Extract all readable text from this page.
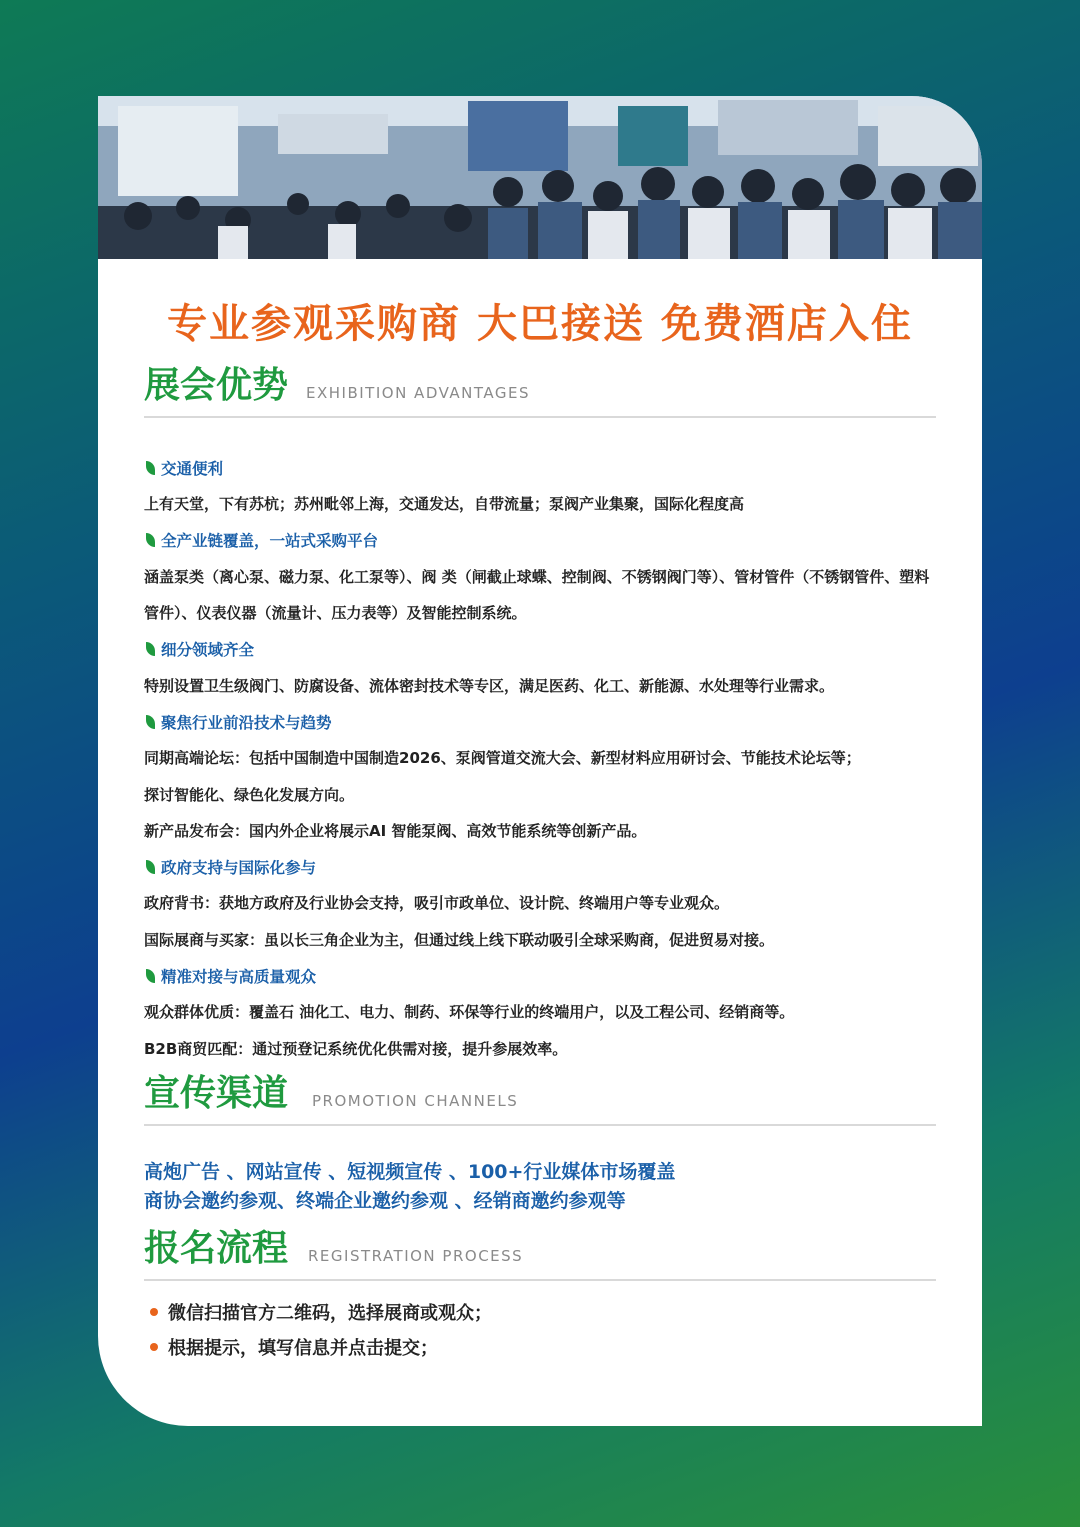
专业参观采购商 大巴接送 免费酒店入住
展会优势 EXHIBITION ADVANTAGES
交通便利
上有天堂，下有苏杭；苏州毗邻上海，交通发达，自带流量；泵阀产业集聚，国际化程度高
全产业链覆盖，一站式采购平台
涵盖泵类（离心泵、磁力泵、化工泵等）、阀 类（闸截止球蝶、控制阀、不锈钢阀门等）、管材管件（不锈钢管件、塑料
管件）、仪表仪器（流量计、压力表等）及智能控制系统。
细分领域齐全
特别设置卫生级阀门、防腐设备、流体密封技术等专区，满足医药、化工、新能源、水处理等行业需求。
聚焦行业前沿技术与趋势
同期高端论坛：包括中国制造中国制造2026、泵阀管道交流大会、新型材料应用研讨会、节能技术论坛等；
探讨智能化、绿色化发展方向。
新产品发布会：国内外企业将展示AI 智能泵阀、高效节能系统等创新产品。
政府支持与国际化参与
政府背书：获地方政府及行业协会支持，吸引市政单位、设计院、终端用户等专业观众。
国际展商与买家：虽以长三角企业为主，但通过线上线下联动吸引全球采购商，促进贸易对接。
精准对接与高质量观众
观众群体优质：覆盖石 油化工、电力、制药、环保等行业的终端用户，以及工程公司、经销商等。
B2B商贸匹配：通过预登记系统优化供需对接，提升参展效率。
宣传渠道 PROMOTION CHANNELS
高炮广告 、网站宣传 、短视频宣传 、100+行业媒体市场覆盖
商协会邀约参观、终端企业邀约参观 、经销商邀约参观等
报名流程 REGISTRATION PROCESS
微信扫描官方二维码，选择展商或观众；
根据提示，填写信息并点击提交；
